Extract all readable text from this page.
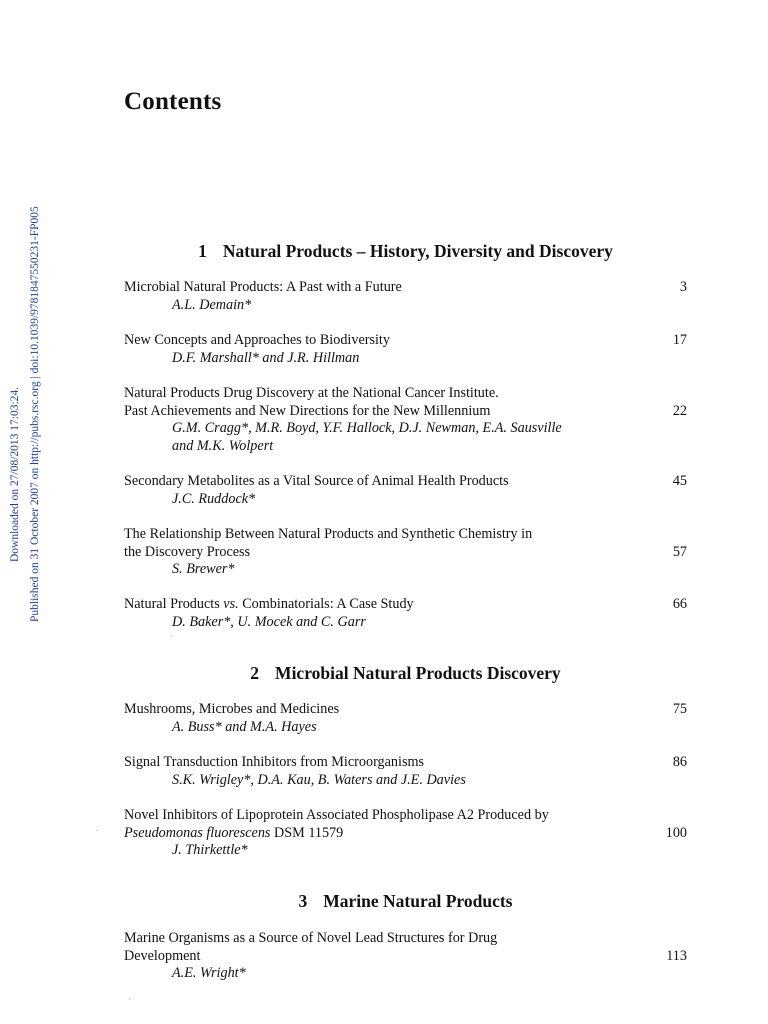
Contents
Downloaded on 27/08/2013 17:03:24. Published on 31 October 2007 on http://pubs.rsc.org | doi:10.1039/9781847550231-FP005	1 Natural Products – History, Diversity and Discovery
Microbial Natural Products: A Past with a Future
A.L. Demain*
3
New Concepts and Approaches to Biodiversity
D.F. Marshall* and J.R. Hillman
17
Natural Products Drug Discovery at the National Cancer Institute.
Past Achievements and New Directions for the New Millennium
G.M. Cragg*, M.R. Boyd, Y.F. Hallock, D.J. Newman, E.A. Sausville
and M.K. Wolpert
22
Secondary Metabolites as a Vital Source of Animal Health Products
J.C. Ruddock*
45
The Relationship Between Natural Products and Synthetic Chemistry in
the Discovery Process
S. Brewer*
57
Natural Products vs. Combinatorials: A Case Study
D. Baker*, U. Mocek and C. Garr
66
2 Microbial Natural Products Discovery
Mushrooms, Microbes and Medicines
A. Buss* and M.A. Hayes
75
Signal Transduction Inhibitors from Microorganisms
S.K. Wrigley*, D.A. Kau, B. Waters and J.E. Davies
86
Novel Inhibitors of Lipoprotein Associated Phospholipase A2 Produced by
Pseudomonas fluorescens DSM 11579
J. Thirkettle*
100
3 Marine Natural Products
Marine Organisms as a Source of Novel Lead Structures for Drug
Development
A.E. Wright*
113
·
·
·
